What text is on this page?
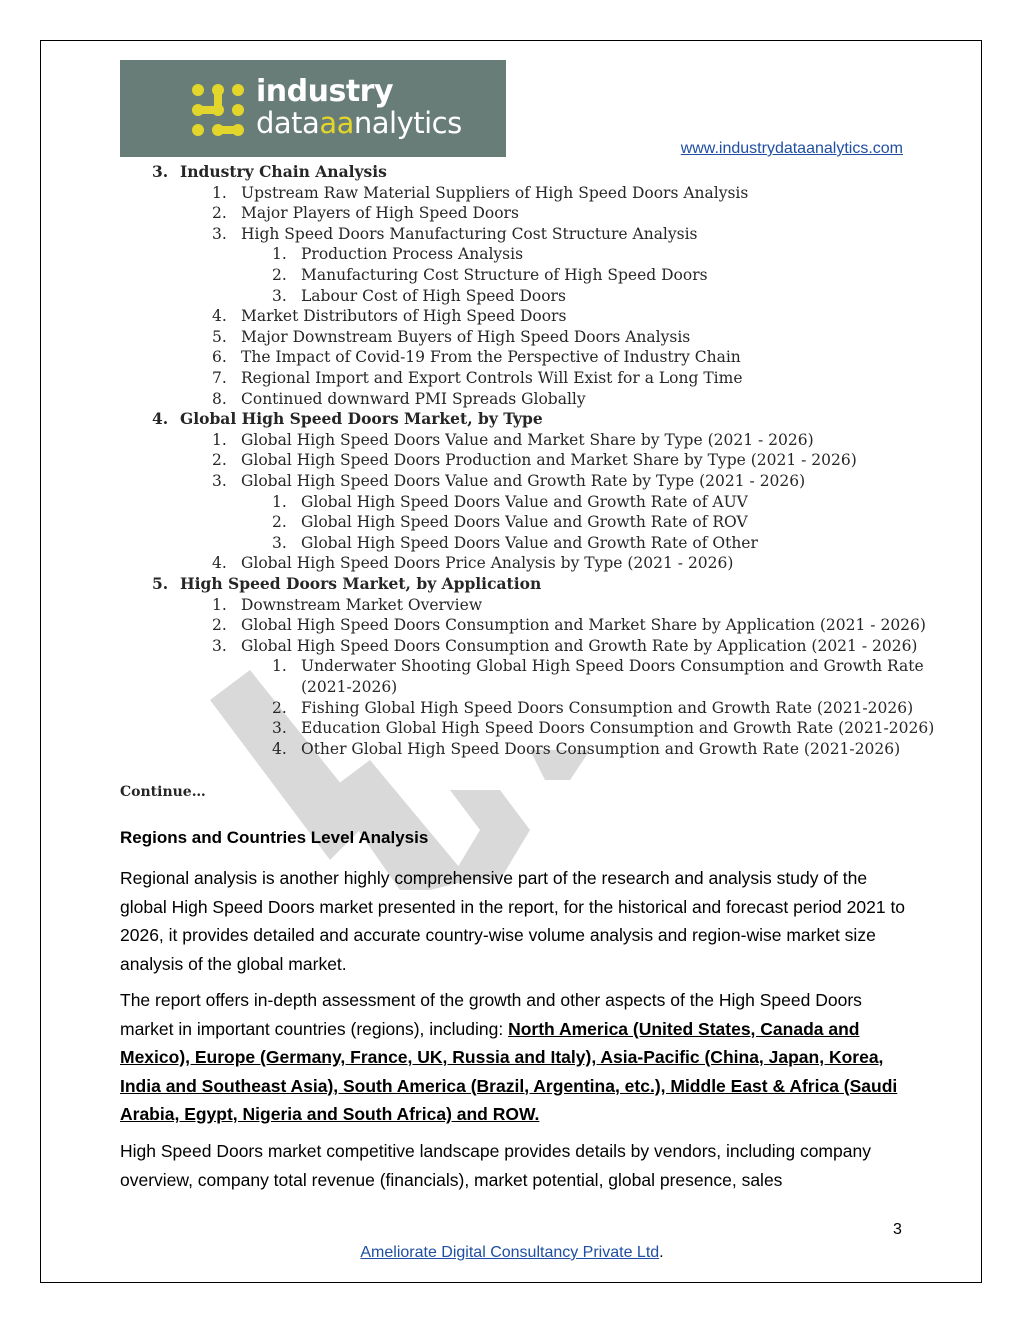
industry
dataaanalytics
www.industrydataanalytics.com
3. Industry Chain Analysis
1. Upstream Raw Material Suppliers of High Speed Doors Analysis
2. Major Players of High Speed Doors
3. High Speed Doors Manufacturing Cost Structure Analysis
1. Production Process Analysis
2. Manufacturing Cost Structure of High Speed Doors
3. Labour Cost of High Speed Doors
4. Market Distributors of High Speed Doors
5. Major Downstream Buyers of High Speed Doors Analysis
6. The Impact of Covid-19 From the Perspective of Industry Chain
7. Regional Import and Export Controls Will Exist for a Long Time
8. Continued downward PMI Spreads Globally
4. Global High Speed Doors Market, by Type
1. Global High Speed Doors Value and Market Share by Type (2021 - 2026)
2. Global High Speed Doors Production and Market Share by Type (2021 - 2026)
3. Global High Speed Doors Value and Growth Rate by Type (2021 - 2026)
1. Global High Speed Doors Value and Growth Rate of AUV
2. Global High Speed Doors Value and Growth Rate of ROV
3. Global High Speed Doors Value and Growth Rate of Other
4. Global High Speed Doors Price Analysis by Type (2021 - 2026)
5. High Speed Doors Market, by Application
1. Downstream Market Overview
2. Global High Speed Doors Consumption and Market Share by Application (2021 - 2026)
3. Global High Speed Doors Consumption and Growth Rate by Application (2021 - 2026)
1. Underwater Shooting Global High Speed Doors Consumption and Growth Rate
(2021-2026)
2. Fishing Global High Speed Doors Consumption and Growth Rate (2021-2026)
3. Education Global High Speed Doors Consumption and Growth Rate (2021-2026)
4. Other Global High Speed Doors Consumption and Growth Rate (2021-2026)
Continue…
Regions and Countries Level Analysis
Regional analysis is another highly comprehensive part of the research and analysis study of the global High Speed Doors market presented in the report, for the historical and forecast period 2021 to 2026, it provides detailed and accurate country-wise volume analysis and region-wise market size analysis of the global market.
The report offers in-depth assessment of the growth and other aspects of the High Speed Doors market in important countries (regions), including: North America (United States, Canada and Mexico), Europe (Germany, France, UK, Russia and Italy), Asia-Pacific (China, Japan, Korea, India and Southeast Asia), South America (Brazil, Argentina, etc.), Middle East & Africa (Saudi Arabia, Egypt, Nigeria and South Africa) and ROW.
High Speed Doors market competitive landscape provides details by vendors, including company overview, company total revenue (financials), market potential, global presence, sales
3
Ameliorate Digital Consultancy Private Ltd.
